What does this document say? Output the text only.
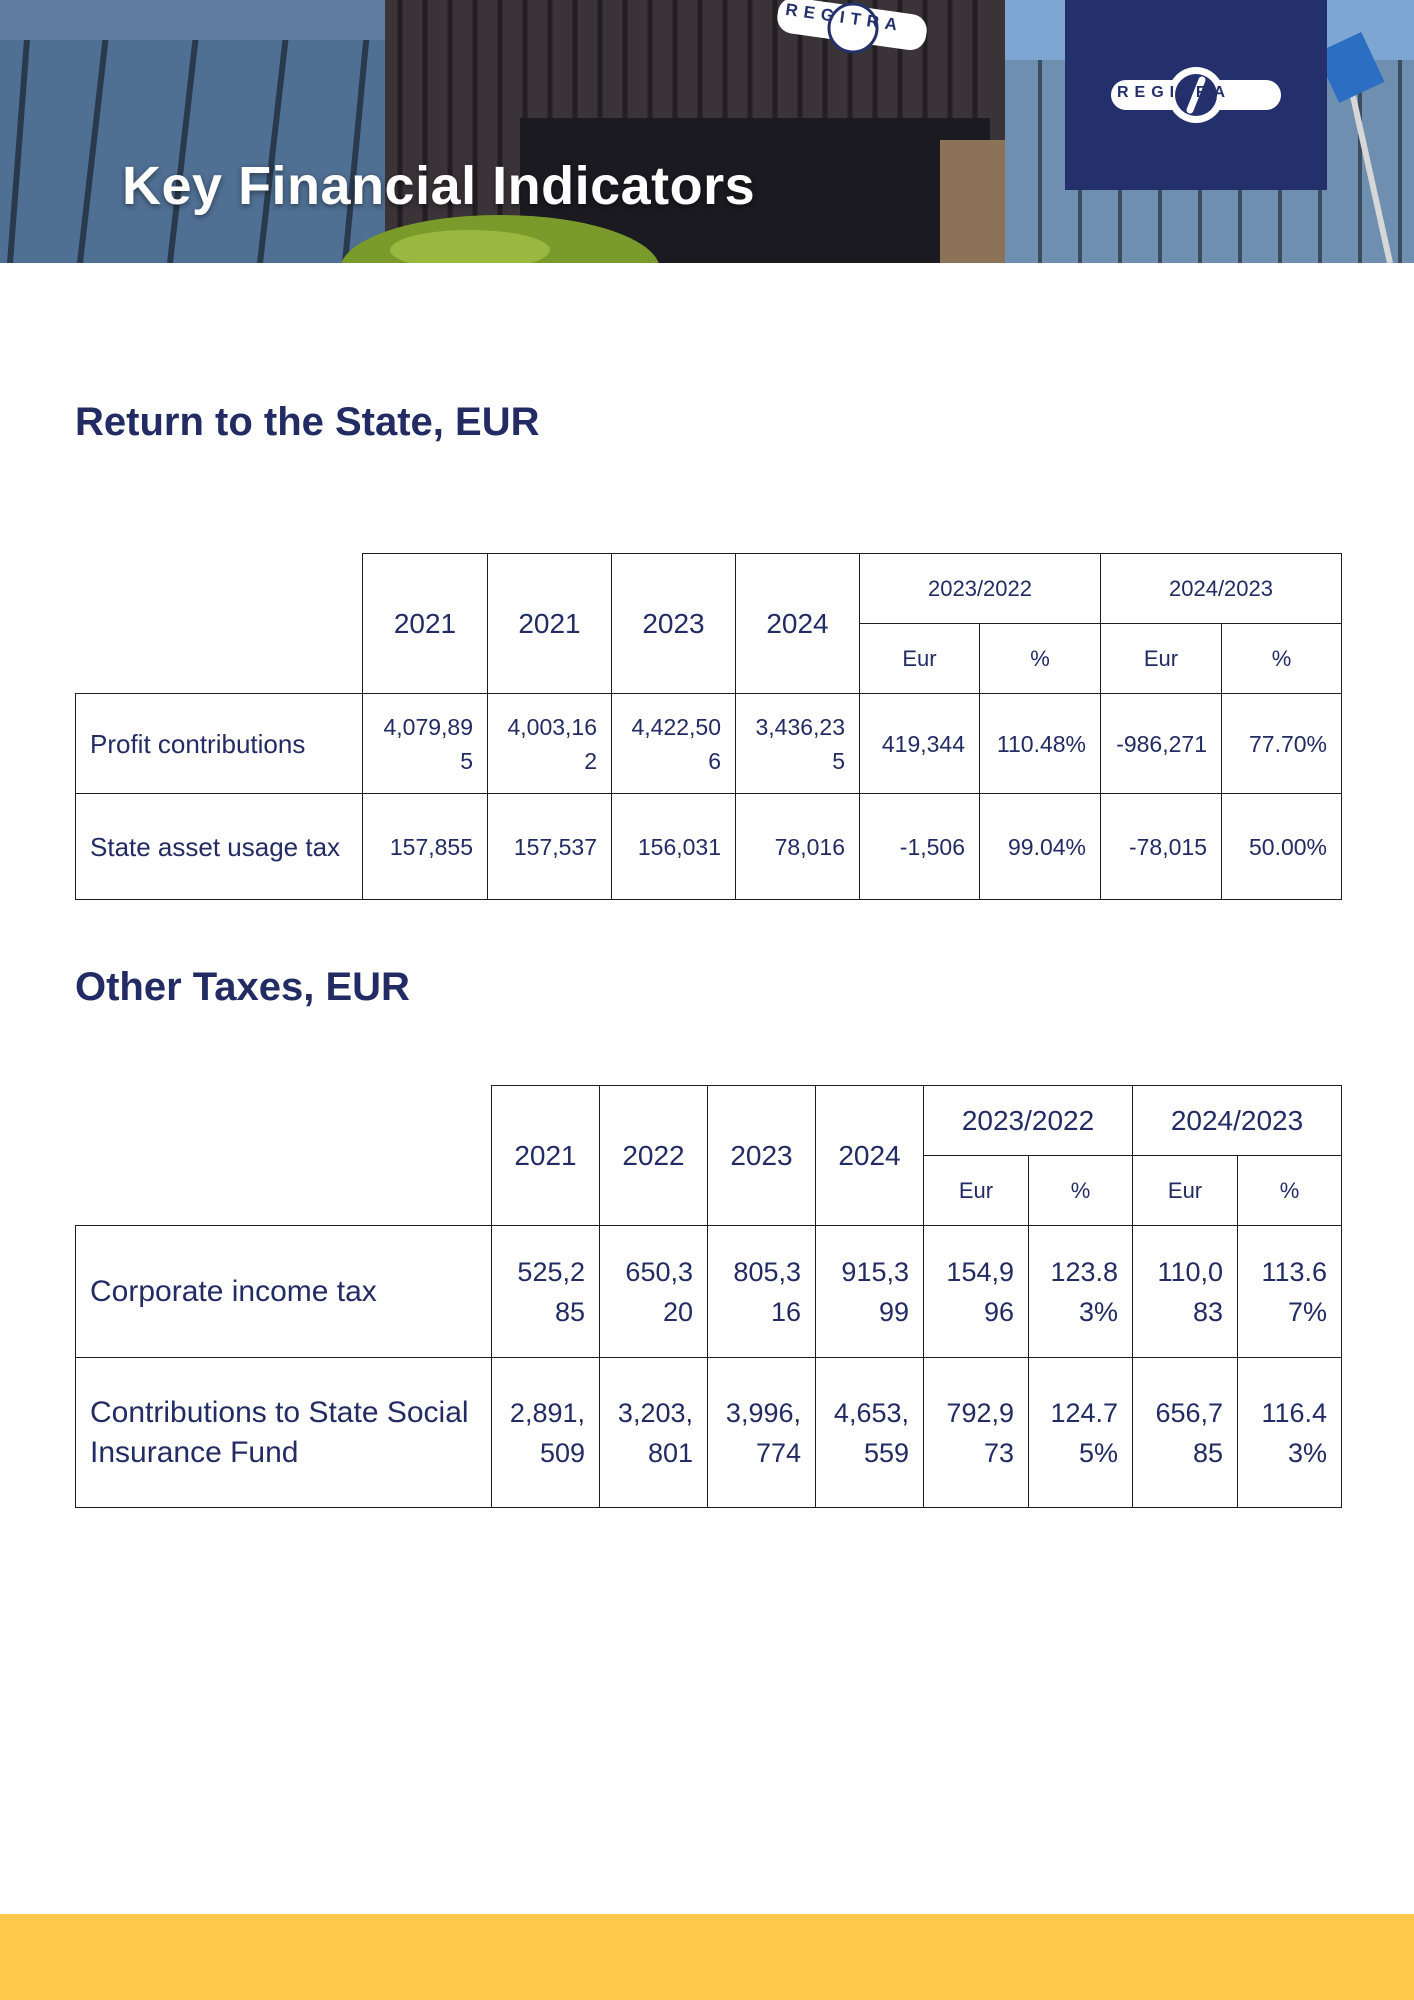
REGITRA
Key Financial Indicators
REGITRA
Return to the State, EUR
	2021	2021	2023	2024	2023/2022		2024/2023	
					Eur	%	Eur	%
Profit contributions	4,079,895	4,003,162	4,422,506	3,436,235	419,344	110.48%	-986,271	77.70%
State asset usage tax	157,855	157,537	156,031	78,016	-1,506	99.04%	-78,015	50.00%
Other Taxes, EUR
	2021	2022	2023	2024	2023/2022		2024/2023	
					Eur	%	Eur	%
Corporate income tax	525,285	650,320	805,316	915,399	154,996	123.83%	110,083	113.67%
Contributions to State Social Insurance Fund	2,891,509	3,203,801	3,996,774	4,653,559	792,973	124.75%	656,785	116.43%
